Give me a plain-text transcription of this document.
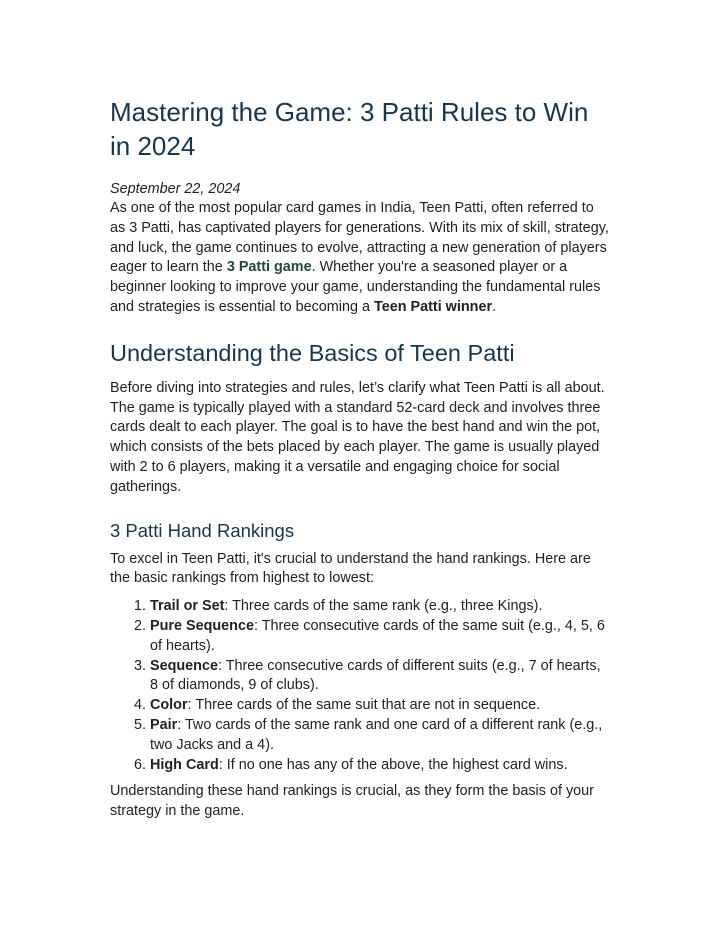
Mastering the Game: 3 Patti Rules to Win in 2024
September 22, 2024

As one of the most popular card games in India, Teen Patti, often referred to as 3 Patti, has captivated players for generations. With its mix of skill, strategy, and luck, the game continues to evolve, attracting a new generation of players eager to learn the 3 Patti game. Whether you're a seasoned player or a beginner looking to improve your game, understanding the fundamental rules and strategies is essential to becoming a Teen Patti winner.

Understanding the Basics of Teen Patti

Before diving into strategies and rules, let’s clarify what Teen Patti is all about. The game is typically played with a standard 52-card deck and involves three cards dealt to each player. The goal is to have the best hand and win the pot, which consists of the bets placed by each player. The game is usually played with 2 to 6 players, making it a versatile and engaging choice for social gatherings.

3 Patti Hand Rankings

To excel in Teen Patti, it's crucial to understand the hand rankings. Here are the basic rankings from highest to lowest:

1. Trail or Set: Three cards of the same rank (e.g., three Kings).
2. Pure Sequence: Three consecutive cards of the same suit (e.g., 4, 5, 6 of hearts).
3. Sequence: Three consecutive cards of different suits (e.g., 7 of hearts, 8 of diamonds, 9 of clubs).
4. Color: Three cards of the same suit that are not in sequence.
5. Pair: Two cards of the same rank and one card of a different rank (e.g., two Jacks and a 4).
6. High Card: If no one has any of the above, the highest card wins.

Understanding these hand rankings is crucial, as they form the basis of your strategy in the game.
